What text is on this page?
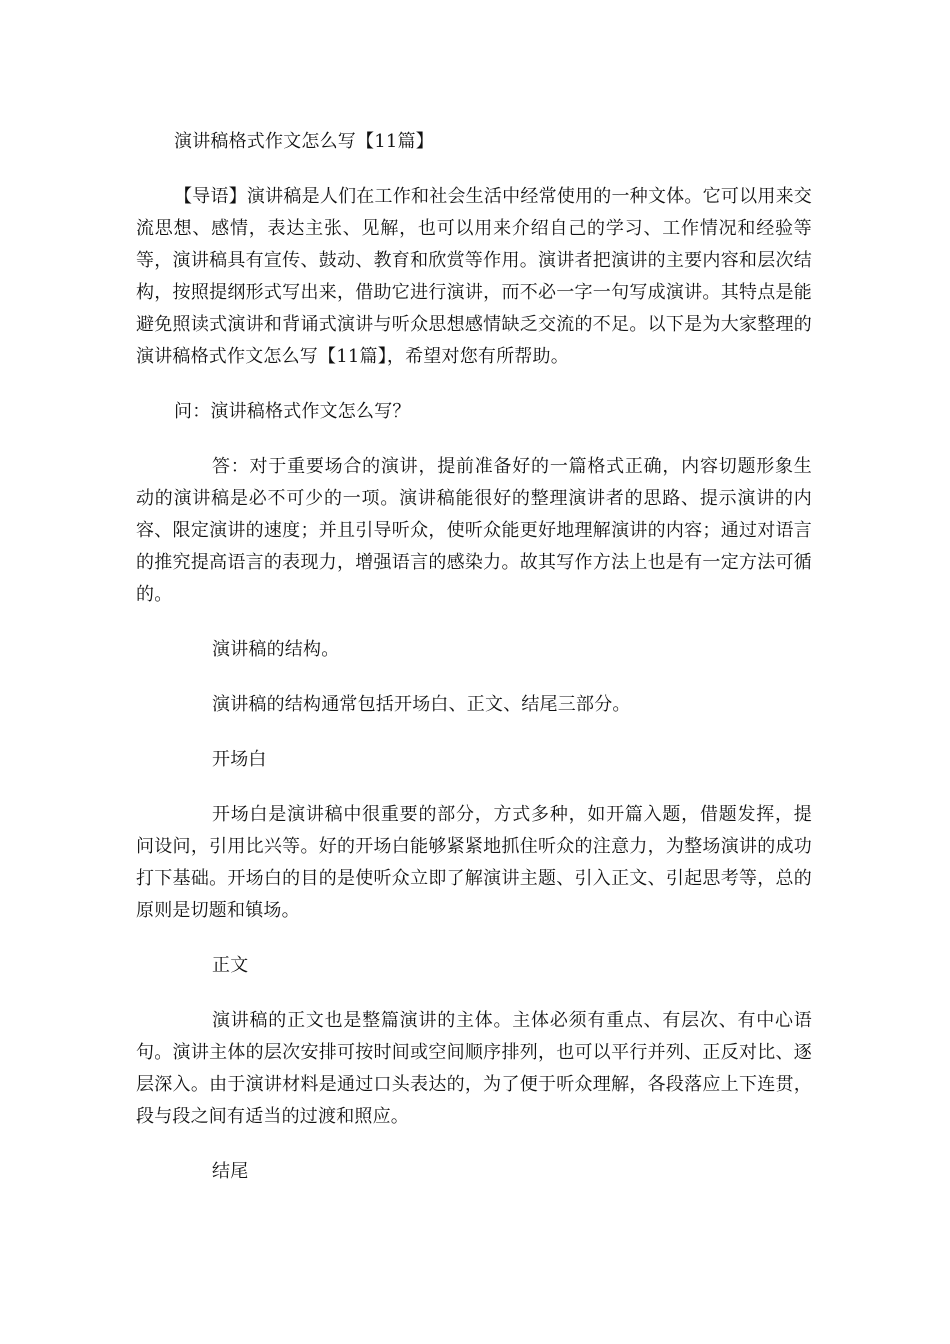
演讲稿格式作文怎么写【11篇】

【导语】演讲稿是人们在工作和社会生活中经常使用的一种文体。它可以用来交流思想、感情，表达主张、见解，也可以用来介绍自己的学习、工作情况和经验等等，演讲稿具有宣传、鼓动、教育和欣赏等作用。演讲者把演讲的主要内容和层次结构，按照提纲形式写出来，借助它进行演讲，而不必一字一句写成演讲。其特点是能避免照读式演讲和背诵式演讲与听众思想感情缺乏交流的不足。以下是为大家整理的演讲稿格式作文怎么写【11篇】，希望对您有所帮助。

问：演讲稿格式作文怎么写？

答：对于重要场合的演讲，提前准备好的一篇格式正确，内容切题形象生动的演讲稿是必不可少的一项。演讲稿能很好的整理演讲者的思路、提示演讲的内容、限定演讲的速度；并且引导听众，使听众能更好地理解演讲的内容；通过对语言的推究提高语言的表现力，增强语言的感染力。故其写作方法上也是有一定方法可循的。

演讲稿的结构。

演讲稿的结构通常包括开场白、正文、结尾三部分。

开场白

开场白是演讲稿中很重要的部分，方式多种，如开篇入题，借题发挥，提问设问，引用比兴等。好的开场白能够紧紧地抓住听众的注意力，为整场演讲的成功打下基础。开场白的目的是使听众立即了解演讲主题、引入正文、引起思考等，总的原则是切题和镇场。

正文

演讲稿的正文也是整篇演讲的主体。主体必须有重点、有层次、有中心语句。演讲主体的层次安排可按时间或空间顺序排列，也可以平行并列、正反对比、逐层深入。由于演讲材料是通过口头表达的，为了便于听众理解，各段落应上下连贯，段与段之间有适当的过渡和照应。

结尾
